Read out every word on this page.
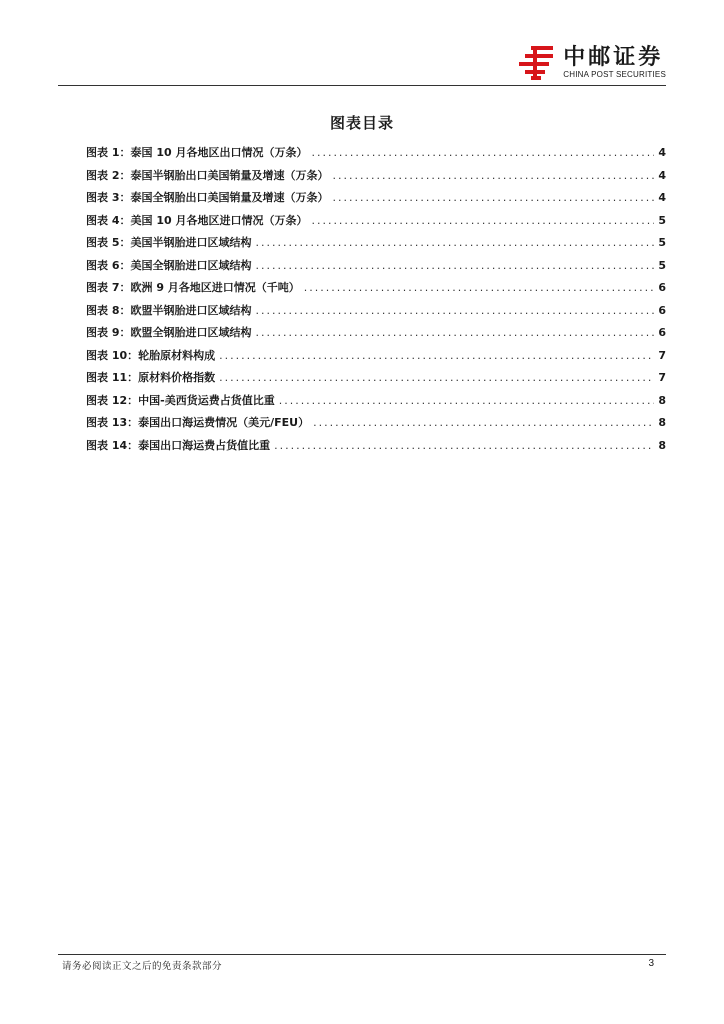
中邮证券
CHINA POST SECURITIES
图表目录
图表 1：泰国 10 月各地区出口情况（万条） .....	4
图表 2：泰国半钢胎出口美国销量及增速（万条） .....	4
图表 3：泰国全钢胎出口美国销量及增速（万条） .....	4
图表 4：美国 10 月各地区进口情况（万条） .....	5
图表 5：美国半钢胎进口区域结构 .....	5
图表 6：美国全钢胎进口区域结构 .....	5
图表 7：欧洲 9 月各地区进口情况（千吨） .....	6
图表 8：欧盟半钢胎进口区域结构 .....	6
图表 9：欧盟全钢胎进口区域结构 .....	6
图表 10：轮胎原材料构成 .....	7
图表 11：原材料价格指数 .....	7
图表 12：中国-美西货运费占货值比重 .....	8
图表 13：泰国出口海运费情况（美元/FEU） .....	8
图表 14：泰国出口海运费占货值比重 .....	8
请务必阅读正文之后的免责条款部分	3
